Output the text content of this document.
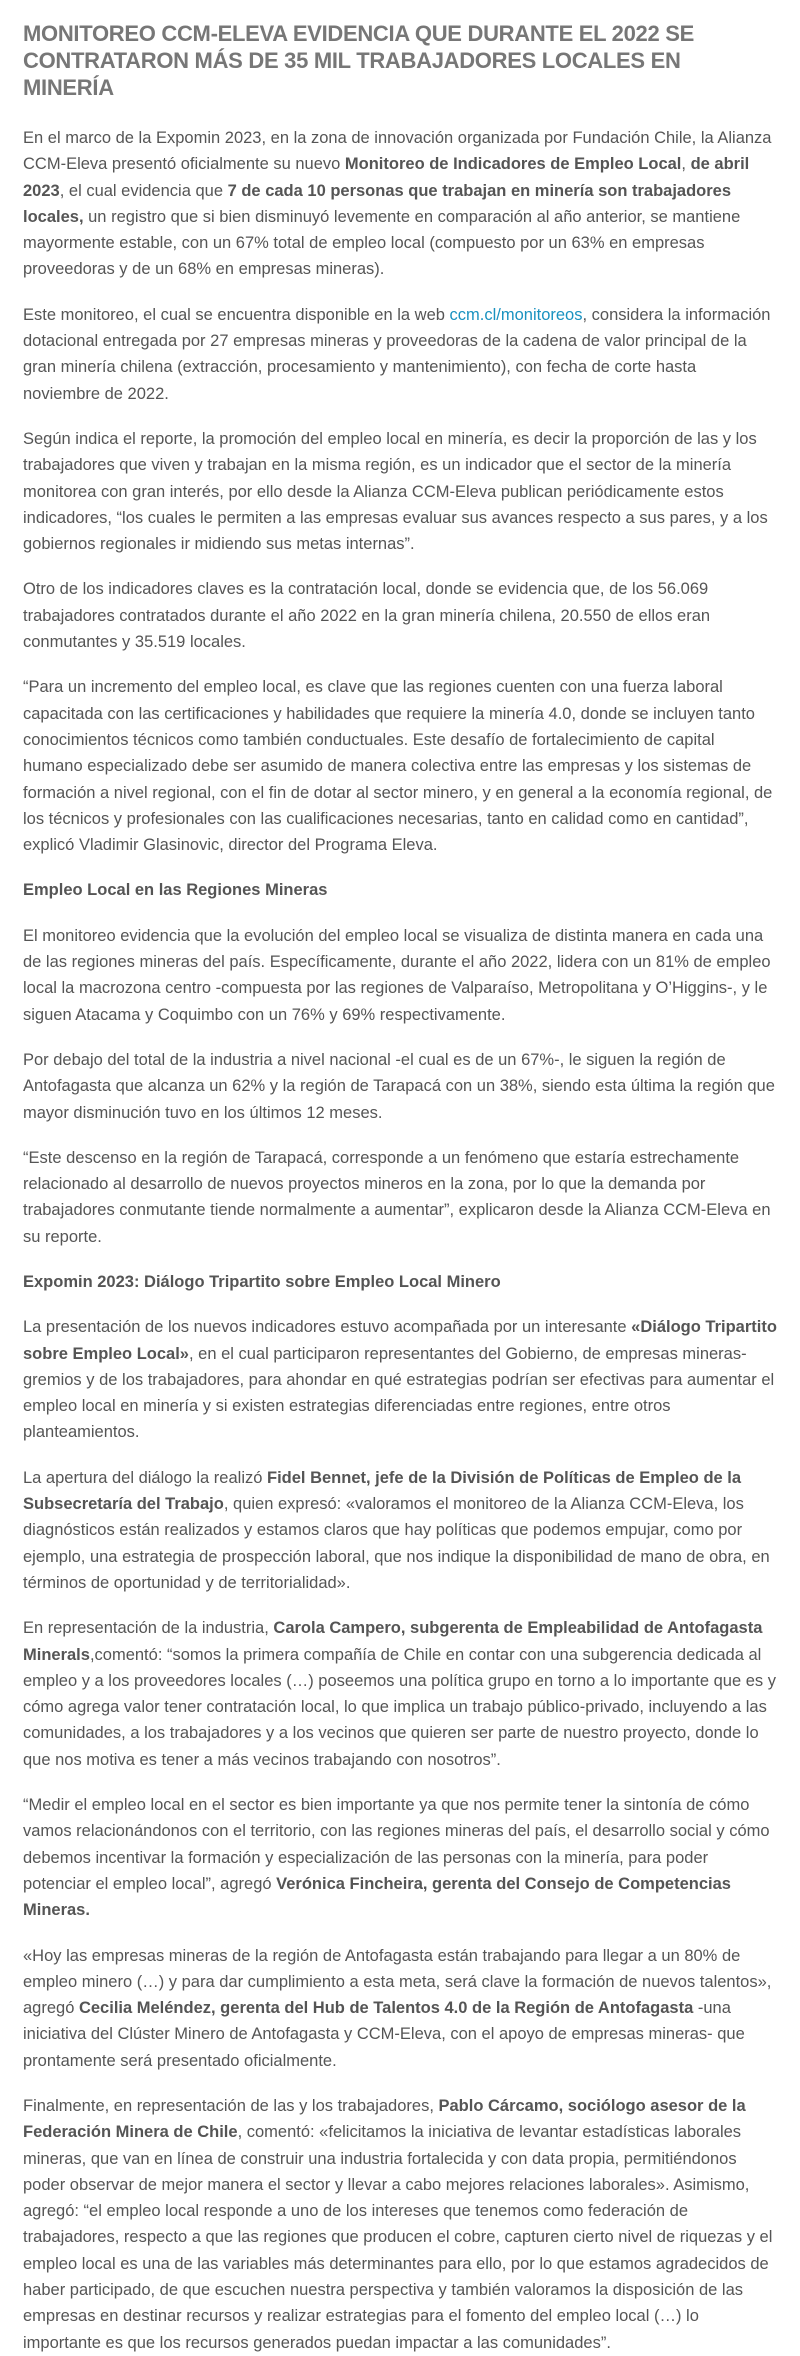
MONITOREO CCM-ELEVA EVIDENCIA QUE DURANTE EL 2022 SE CONTRATARON MÁS DE 35 MIL TRABAJADORES LOCALES EN MINERÍA

En el marco de la Expomin 2023, en la zona de innovación organizada por Fundación Chile, la Alianza CCM-Eleva presentó oficialmente su nuevo Monitoreo de Indicadores de Empleo Local, de abril 2023, el cual evidencia que 7 de cada 10 personas que trabajan en minería son trabajadores locales, un registro que si bien disminuyó levemente en comparación al año anterior, se mantiene mayormente estable, con un 67% total de empleo local (compuesto por un 63% en empresas proveedoras y de un 68% en empresas mineras).

Este monitoreo, el cual se encuentra disponible en la web ccm.cl/monitoreos, considera la información dotacional entregada por 27 empresas mineras y proveedoras de la cadena de valor principal de la gran minería chilena (extracción, procesamiento y mantenimiento), con fecha de corte hasta noviembre de 2022.

Según indica el reporte, la promoción del empleo local en minería, es decir la proporción de las y los trabajadores que viven y trabajan en la misma región, es un indicador que el sector de la minería monitorea con gran interés, por ello desde la Alianza CCM-Eleva publican periódicamente estos indicadores, “los cuales le permiten a las empresas evaluar sus avances respecto a sus pares, y a los gobiernos regionales ir midiendo sus metas internas”.

Otro de los indicadores claves es la contratación local, donde se evidencia que, de los 56.069 trabajadores contratados durante el año 2022 en la gran minería chilena, 20.550 de ellos eran conmutantes y 35.519 locales.

“Para un incremento del empleo local, es clave que las regiones cuenten con una fuerza laboral capacitada con las certificaciones y habilidades que requiere la minería 4.0, donde se incluyen tanto conocimientos técnicos como también conductuales. Este desafío de fortalecimiento de capital humano especializado debe ser asumido de manera colectiva entre las empresas y los sistemas de formación a nivel regional, con el fin de dotar al sector minero, y en general a la economía regional, de los técnicos y profesionales con las cualificaciones necesarias, tanto en calidad como en cantidad”, explicó Vladimir Glasinovic, director del Programa Eleva.

Empleo Local en las Regiones Mineras

El monitoreo evidencia que la evolución del empleo local se visualiza de distinta manera en cada una de las regiones mineras del país. Específicamente, durante el año 2022, lidera con un 81% de empleo local la macrozona centro -compuesta por las regiones de Valparaíso, Metropolitana y O’Higgins-, y le siguen Atacama y Coquimbo con un 76% y 69% respectivamente.

Por debajo del total de la industria a nivel nacional -el cual es de un 67%-, le siguen la región de Antofagasta que alcanza un 62% y la región de Tarapacá con un 38%, siendo esta última la región que mayor disminución tuvo en los últimos 12 meses.

“Este descenso en la región de Tarapacá, corresponde a un fenómeno que estaría estrechamente relacionado al desarrollo de nuevos proyectos mineros en la zona, por lo que la demanda por trabajadores conmutante tiende normalmente a aumentar”, explicaron desde la Alianza CCM-Eleva en su reporte.

Expomin 2023: Diálogo Tripartito sobre Empleo Local Minero

La presentación de los nuevos indicadores estuvo acompañada por un interesante «Diálogo Tripartito sobre Empleo Local», en el cual participaron representantes del Gobierno, de empresas mineras-gremios y de los trabajadores, para ahondar en qué estrategias podrían ser efectivas para aumentar el empleo local en minería y si existen estrategias diferenciadas entre regiones, entre otros planteamientos.

La apertura del diálogo la realizó Fidel Bennet, jefe de la División de Políticas de Empleo de la Subsecretaría del Trabajo, quien expresó: «valoramos el monitoreo de la Alianza CCM-Eleva, los diagnósticos están realizados y estamos claros que hay políticas que podemos empujar, como por ejemplo, una estrategia de prospección laboral, que nos indique la disponibilidad de mano de obra, en términos de oportunidad y de territorialidad».

En representación de la industria, Carola Campero, subgerenta de Empleabilidad de Antofagasta Minerals,comentó: “somos la primera compañía de Chile en contar con una subgerencia dedicada al empleo y a los proveedores locales (…) poseemos una política grupo en torno a lo importante que es y cómo agrega valor tener contratación local, lo que implica un trabajo público-privado, incluyendo a las comunidades, a los trabajadores y a los vecinos que quieren ser parte de nuestro proyecto, donde lo que nos motiva es tener a más vecinos trabajando con nosotros”.

“Medir el empleo local en el sector es bien importante ya que nos permite tener la sintonía de cómo vamos relacionándonos con el territorio, con las regiones mineras del país, el desarrollo social y cómo debemos incentivar la formación y especialización de las personas con la minería, para poder potenciar el empleo local”, agregó Verónica Fincheira, gerenta del Consejo de Competencias Mineras.

«Hoy las empresas mineras de la región de Antofagasta están trabajando para llegar a un 80% de empleo minero (…) y para dar cumplimiento a esta meta, será clave la formación de nuevos talentos», agregó Cecilia Meléndez, gerenta del Hub de Talentos 4.0 de la Región de Antofagasta -una iniciativa del Clúster Minero de Antofagasta y CCM-Eleva, con el apoyo de empresas mineras- que prontamente será presentado oficialmente.

Finalmente, en representación de las y los trabajadores, Pablo Cárcamo, sociólogo asesor de la Federación Minera de Chile, comentó: «felicitamos la iniciativa de levantar estadísticas laborales mineras, que van en línea de construir una industria fortalecida y con data propia, permitiéndonos poder observar de mejor manera el sector y llevar a cabo mejores relaciones laborales». Asimismo, agregó: “el empleo local responde a uno de los intereses que tenemos como federación de trabajadores, respecto a que las regiones que producen el cobre, capturen cierto nivel de riquezas y el empleo local es una de las variables más determinantes para ello, por lo que estamos agradecidos de haber participado, de que escuchen nuestra perspectiva y también valoramos la disposición de las empresas en destinar recursos y realizar estrategias para el fomento del empleo local (…) lo importante es que los recursos generados puedan impactar a las comunidades”.
